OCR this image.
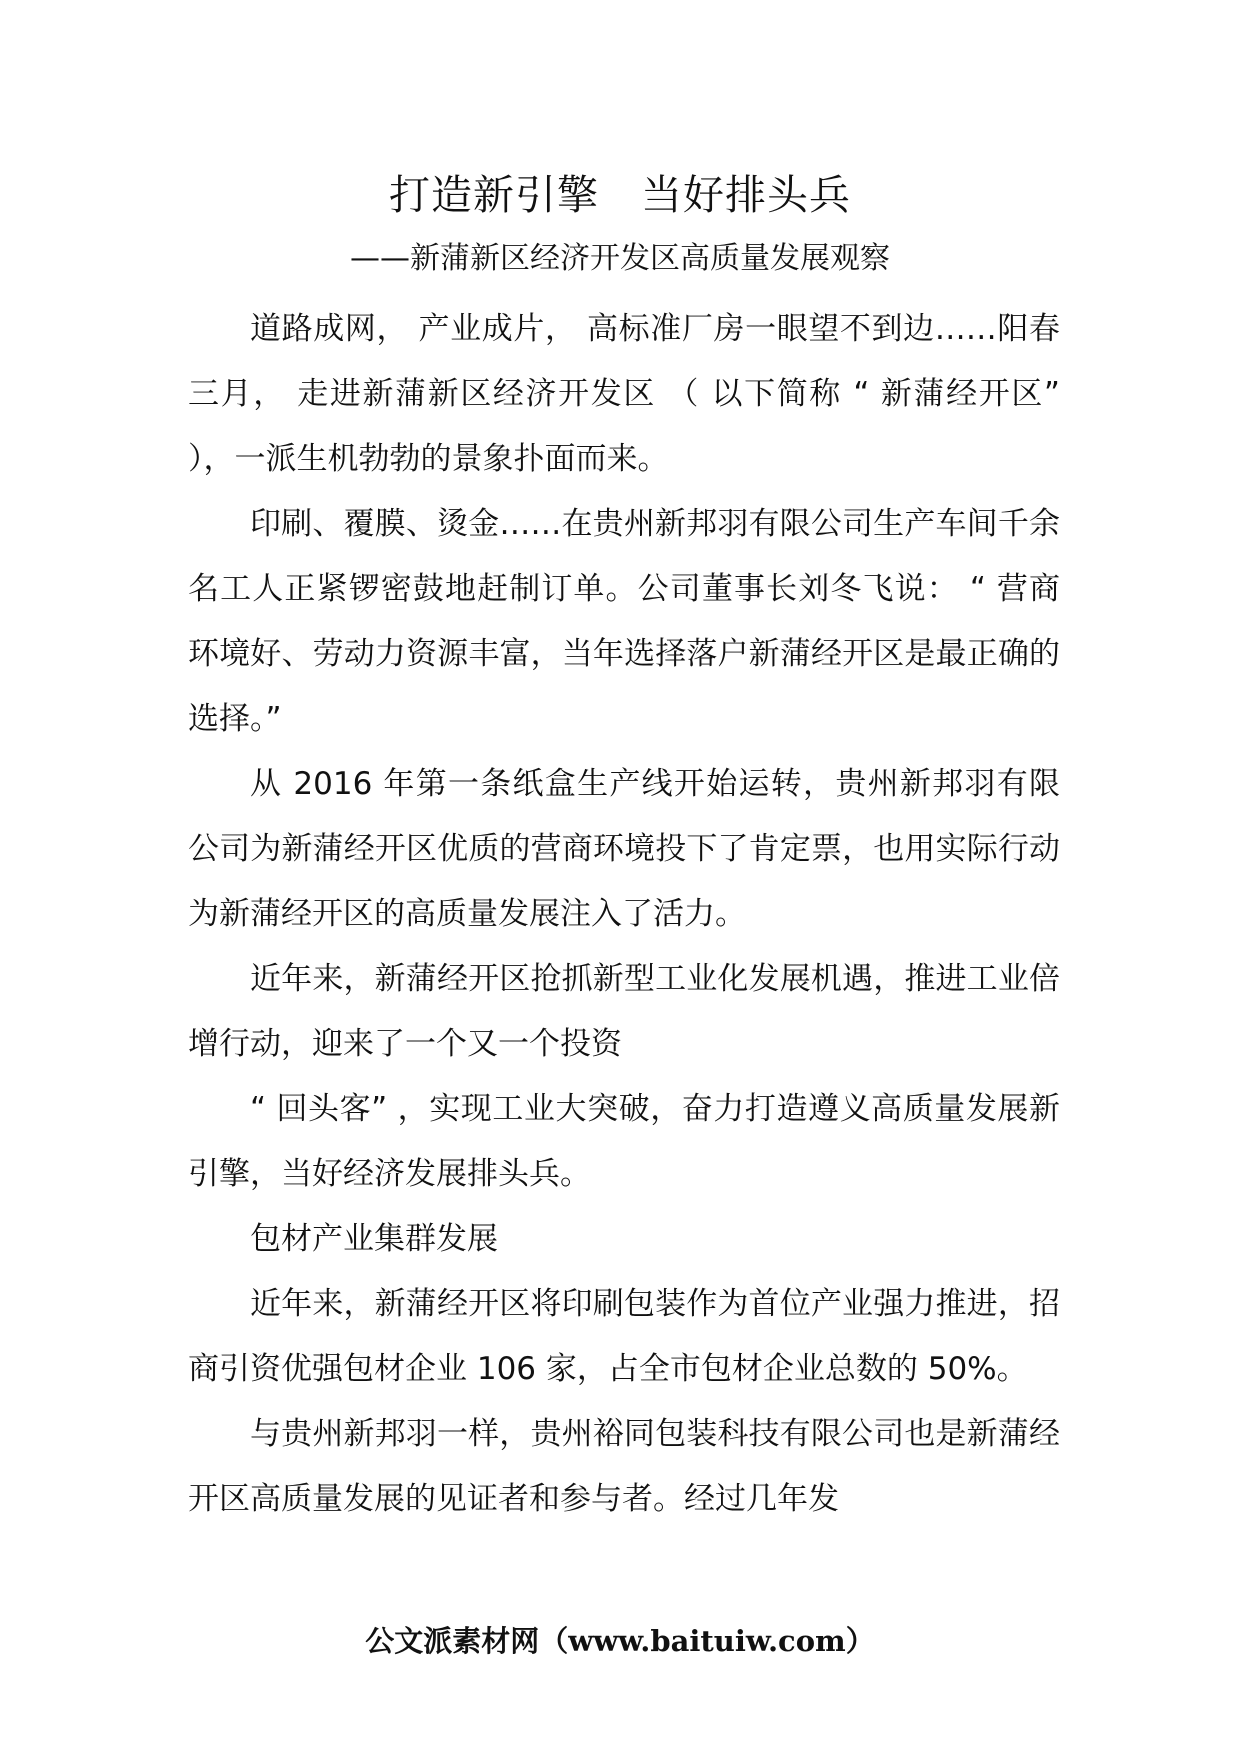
打造新引擎　当好排头兵
——新蒲新区经济开发区高质量发展观察

道路成网， 产业成片， 高标准厂房一眼望不到边……阳春三月， 走进新蒲新区经济开发区 （ 以下简称 “ 新蒲经开区” ），一派生机勃勃的景象扑面而来。

印刷、覆膜、烫金……在贵州新邦羽有限公司生产车间千余名工人正紧锣密鼓地赶制订单。公司董事长刘冬飞说： “ 营商环境好、劳动力资源丰富，当年选择落户新蒲经开区是最正确的选择。”

从 2016 年第一条纸盒生产线开始运转，贵州新邦羽有限公司为新蒲经开区优质的营商环境投下了肯定票，也用实际行动为新蒲经开区的高质量发展注入了活力。

近年来，新蒲经开区抢抓新型工业化发展机遇，推进工业倍增行动，迎来了一个又一个投资

“ 回头客” ，实现工业大突破，奋力打造遵义高质量发展新引擎，当好经济发展排头兵。

包材产业集群发展

近年来，新蒲经开区将印刷包装作为首位产业强力推进，招商引资优强包材企业 106 家，占全市包材企业总数的 50%。

与贵州新邦羽一样，贵州裕同包装科技有限公司也是新蒲经开区高质量发展的见证者和参与者。经过几年发

公文派素材网（www.baituiw.com）
